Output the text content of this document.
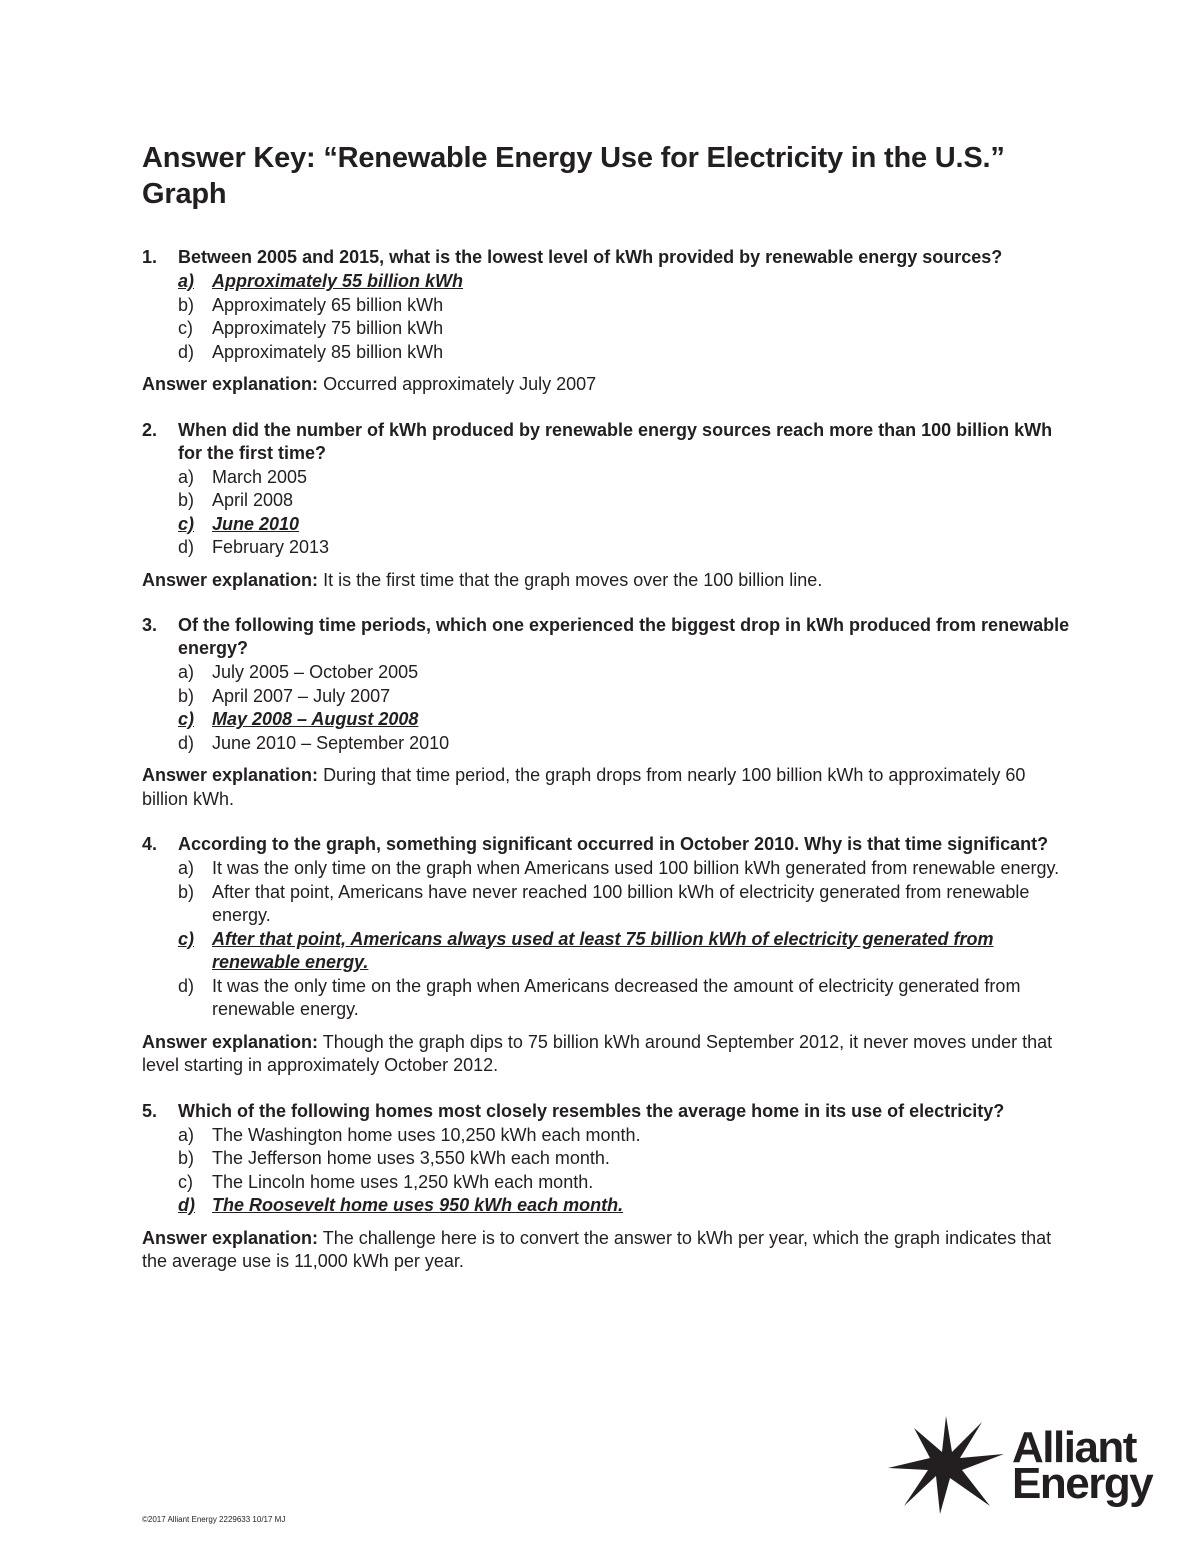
Answer Key: “Renewable Energy Use for Electricity in the U.S.” Graph
1.	Between 2005 and 2015, what is the lowest level of kWh provided by renewable energy sources?
a) Approximately 55 billion kWh
b) Approximately 65 billion kWh
c)	Approximately 75 billion kWh
d) Approximately 85 billion kWh
Answer explanation: Occurred approximately July 2007
2.	When did the number of kWh produced by renewable energy sources reach more than 100 billion kWh for the first time?
a) March 2005
b) April 2008
c) June 2010
d) February 2013
Answer explanation: It is the first time that the graph moves over the 100 billion line.
3.	Of the following time periods, which one experienced the biggest drop in kWh produced from renewable energy?
a) July 2005 – October 2005
b) April 2007 – July 2007
c) May 2008 – August 2008
d) June 2010 – September 2010
Answer explanation: During that time period, the graph drops from nearly 100 billion kWh to approximately 60 billion kWh.
4.	According to the graph, something significant occurred in October 2010. Why is that time significant?
a) It was the only time on the graph when Americans used 100 billion kWh generated from renewable energy.
b) After that point, Americans have never reached 100 billion kWh of electricity generated from renewable energy.
c) After that point, Americans always used at least 75 billion kWh of electricity generated from renewable energy.
d) It was the only time on the graph when Americans decreased the amount of electricity generated from renewable energy.
Answer explanation: Though the graph dips to 75 billion kWh around September 2012, it never moves under that level starting in approximately October 2012.
5.	Which of the following homes most closely resembles the average home in its use of electricity?
a) The Washington home uses 10,250 kWh each month.
b) The Jefferson home uses 3,550 kWh each month.
c)	The Lincoln home uses 1,250 kWh each month.
d) The Roosevelt home uses 950 kWh each month.
Answer explanation: The challenge here is to convert the answer to kWh per year, which the graph indicates that the average use is 11,000 kWh per year.
©2017 Alliant Energy 2229633 10/17 MJ
Alliant
Energy
